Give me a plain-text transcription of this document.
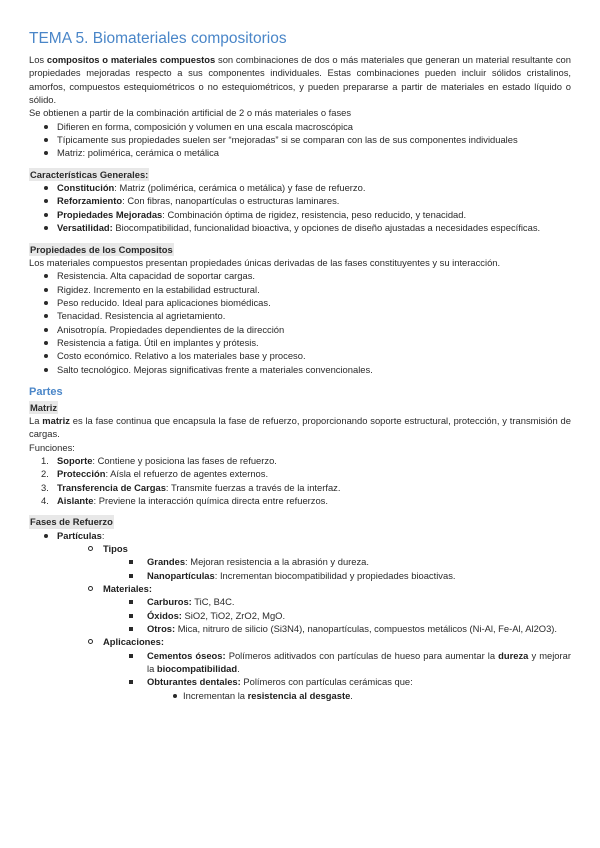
TEMA 5. Biomateriales compositorios

Los compositos o materiales compuestos son combinaciones de dos o más materiales que generan un material resultante con propiedades mejoradas respecto a sus componentes individuales. Estas combinaciones pueden incluir sólidos cristalinos, amorfos, compuestos estequiométricos o no estequiométricos, y pueden prepararse a partir de materiales en estado líquido o sólido.

Se obtienen a partir de la combinación artificial de 2 o más materiales o fases

Difieren en forma, composición y volumen en una escala macroscópica
Típicamente sus propiedades suelen ser “mejoradas” si se comparan con las de sus componentes individuales
Matriz: polimérica, cerámica o metálica
Características Generales:
Constitución: Matriz (polimérica, cerámica o metálica) y fase de refuerzo.
Reforzamiento: Con fibras, nanopartículas o estructuras laminares.
Propiedades Mejoradas: Combinación óptima de rigidez, resistencia, peso reducido, y tenacidad.
Versatilidad: Biocompatibilidad, funcionalidad bioactiva, y opciones de diseño ajustadas a necesidades específicas.
Propiedades de los Compositos

Los materiales compuestos presentan propiedades únicas derivadas de las fases constituyentes y su interacción.

Resistencia. Alta capacidad de soportar cargas.
Rigidez. Incremento en la estabilidad estructural.
Peso reducido. Ideal para aplicaciones biomédicas.
Tenacidad. Resistencia al agrietamiento.
Anisotropía. Propiedades dependientes de la dirección
Resistencia a fatiga. Útil en implantes y prótesis.
Costo económico. Relativo a los materiales base y proceso.
Salto tecnológico. Mejoras significativas frente a materiales convencionales.
Partes
Matriz

La matriz es la fase continua que encapsula la fase de refuerzo, proporcionando soporte estructural, protección, y transmisión de cargas.

Funciones:

1. Soporte: Contiene y posiciona las fases de refuerzo.
2. Protección: Aísla el refuerzo de agentes externos.
3. Transferencia de Cargas: Transmite fuerzas a través de la interfaz.
4. Aislante: Previene la interacción química directa entre refuerzos.
Fases de Refuerzo
Partículas:
Tipos
Grandes: Mejoran resistencia a la abrasión y dureza.
Nanopartículas: Incrementan biocompatibilidad y propiedades bioactivas.
Materiales:
Carburos: TiC, B4C.
Óxidos: SiO2, TiO2, ZrO2, MgO.
Otros: Mica, nitruro de silicio (Si3N4), nanopartículas, compuestos metálicos (Ni-Al, Fe-Al, Al2O3).
Aplicaciones:
Cementos óseos: Polímeros aditivados con partículas de hueso para aumentar la dureza y mejorar la biocompatibilidad.
Obturantes dentales: Polímeros con partículas cerámicas que:
Incrementan la resistencia al desgaste.
